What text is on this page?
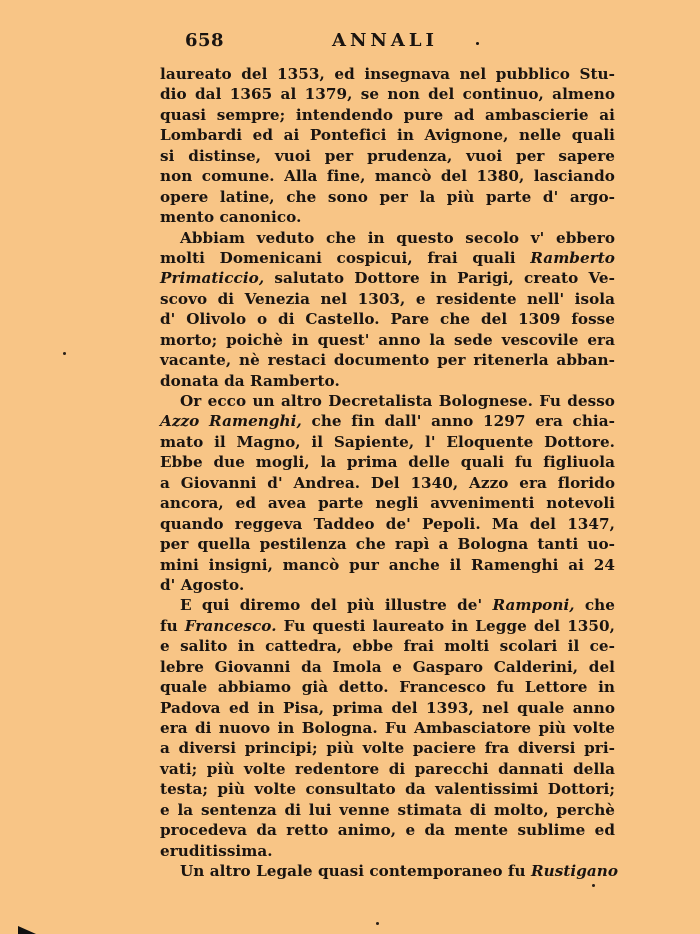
658	ANNALI
laureato del 1353, ed insegnava nel pubblico Stu-
dio dal 1365 al 1379, se non del continuo, almeno
quasi sempre; intendendo pure ad ambascierie ai
Lombardi ed ai Pontefici in Avignone, nelle quali
si distinse, vuoi per prudenza, vuoi per sapere
non comune. Alla fine, mancò del 1380, lasciando
opere latine, che sono per la più parte d' argo-
mento canonico.
Abbiam veduto che in questo secolo v' ebbero
molti Domenicani cospicui, frai quali Ramberto
Primaticcio, salutato Dottore in Parigi, creato Ve-
scovo di Venezia nel 1303, e residente nell' isola
d' Olivolo o di Castello. Pare che del 1309 fosse
morto; poichè in quest' anno la sede vescovile era
vacante, nè restaci documento per ritenerla abban-
donata da Ramberto.
Or ecco un altro Decretalista Bolognese. Fu desso
Azzo Ramenghi, che fin dall' anno 1297 era chia-
mato il Magno, il Sapiente, l' Eloquente Dottore.
Ebbe due mogli, la prima delle quali fu figliuola
a Giovanni d' Andrea. Del 1340, Azzo era florido
ancora, ed avea parte negli avvenimenti notevoli
quando reggeva Taddeo de' Pepoli. Ma del 1347,
per quella pestilenza che rapì a Bologna tanti uo-
mini insigni, mancò pur anche il Ramenghi ai 24
d' Agosto.
E qui diremo del più illustre de' Ramponi, che
fu Francesco. Fu questi laureato in Legge del 1350,
e salito in cattedra, ebbe frai molti scolari il ce-
lebre Giovanni da Imola e Gasparo Calderini, del
quale abbiamo già detto. Francesco fu Lettore in
Padova ed in Pisa, prima del 1393, nel quale anno
era di nuovo in Bologna. Fu Ambasciatore più volte
a diversi principi; più volte paciere fra diversi pri-
vati; più volte redentore di parecchi dannati della
testa; più volte consultato da valentissimi Dottori;
e la sentenza di lui venne stimata di molto, perchè
procedeva da retto animo, e da mente sublime ed
eruditissima.
Un altro Legale quasi contemporaneo fu Rustigano
